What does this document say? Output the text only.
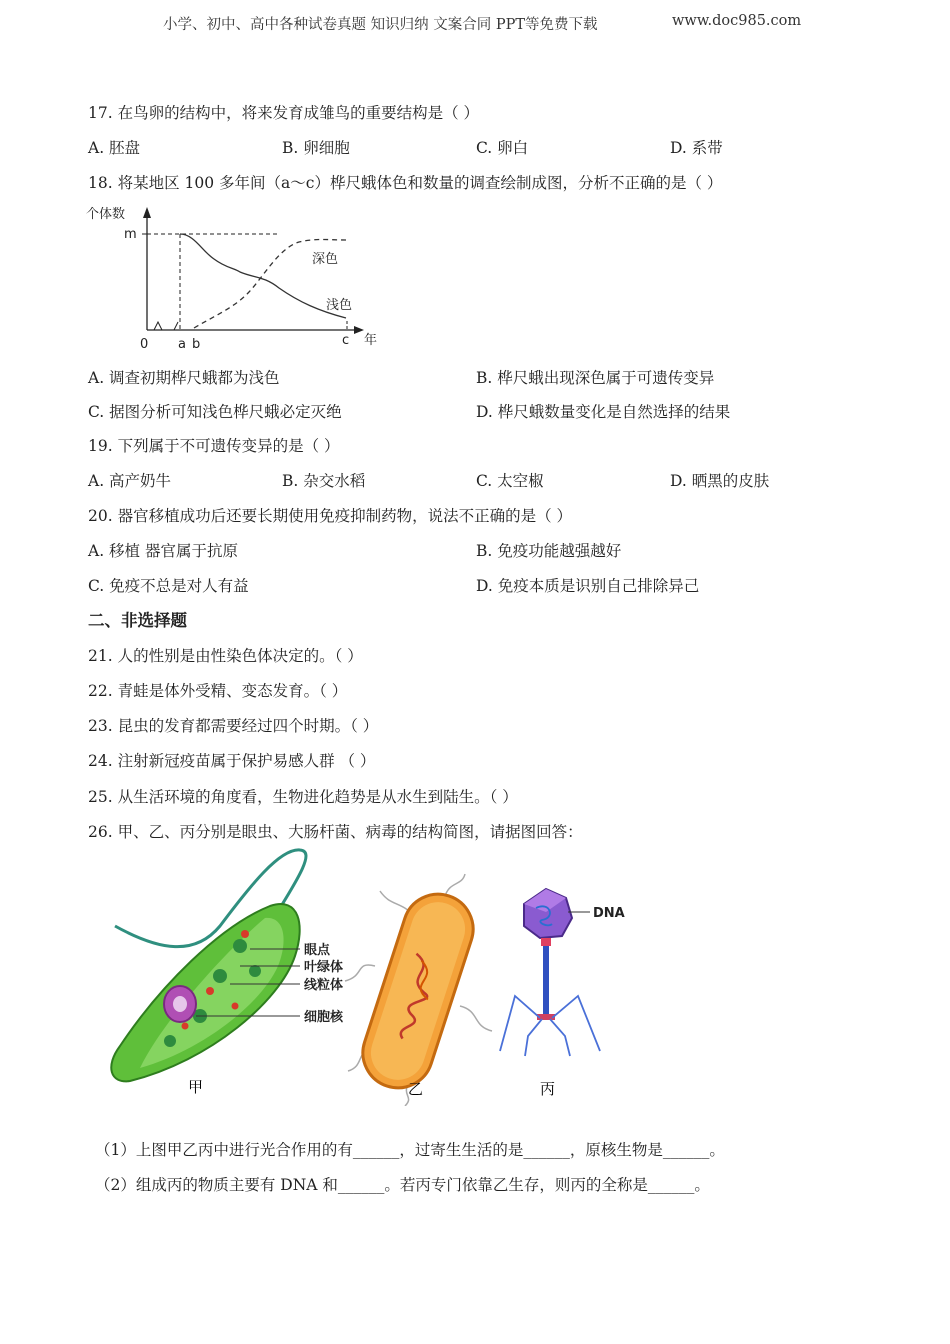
小学、初中、高中各种试卷真题 知识归纳 文案合同 PPT等免费下载	www.doc985.com
17. 在鸟卵的结构中，将来发育成雏鸟的重要结构是（ ）
A. 胚盘	B. 卵细胞	C. 卵白	D. 系带
18. 将某地区 100 多年间（a～c）桦尺蛾体色和数量的调查绘制成图，分析不正确的是（ ）
个体数
m
0 a b	c 年
深色
浅色
A. 调查初期桦尺蛾都为浅色	B. 桦尺蛾出现深色属于可遗传变异
C. 据图分析可知浅色桦尺蛾必定灭绝	D. 桦尺蛾数量变化是自然选择的结果
19. 下列属于不可遗传变异的是（ ）
A. 高产奶牛	B. 杂交水稻	C. 太空椒	D. 晒黑的皮肤
20. 器官移植成功后还要长期使用免疫抑制药物，说法不正确的是（ ）
A. 移植 器官属于抗原	B. 免疫功能越强越好
C. 免疫不总是对人有益	D. 免疫本质是识别自己排除异己
二、非选择题
21. 人的性别是由性染色体决定的。（ ）
22. 青蛙是体外受精、变态发育。（ ）
23. 昆虫的发育都需要经过四个时期。（ ）
24. 注射新冠疫苗属于保护易感人群 （ ）
25. 从生活环境的角度看，生物进化趋势是从水生到陆生。（ ）
26. 甲、乙、丙分别是眼虫、大肠杆菌、病毒的结构简图，请据图回答：
眼点
叶绿体
线粒体
细胞核
DNA
甲	乙	丙
（1）上图甲乙丙中进行光合作用的有______，过寄生生活的是______，原核生物是______。
（2）组成丙的物质主要有 DNA 和______。若丙专门依靠乙生存，则丙的全称是______。
